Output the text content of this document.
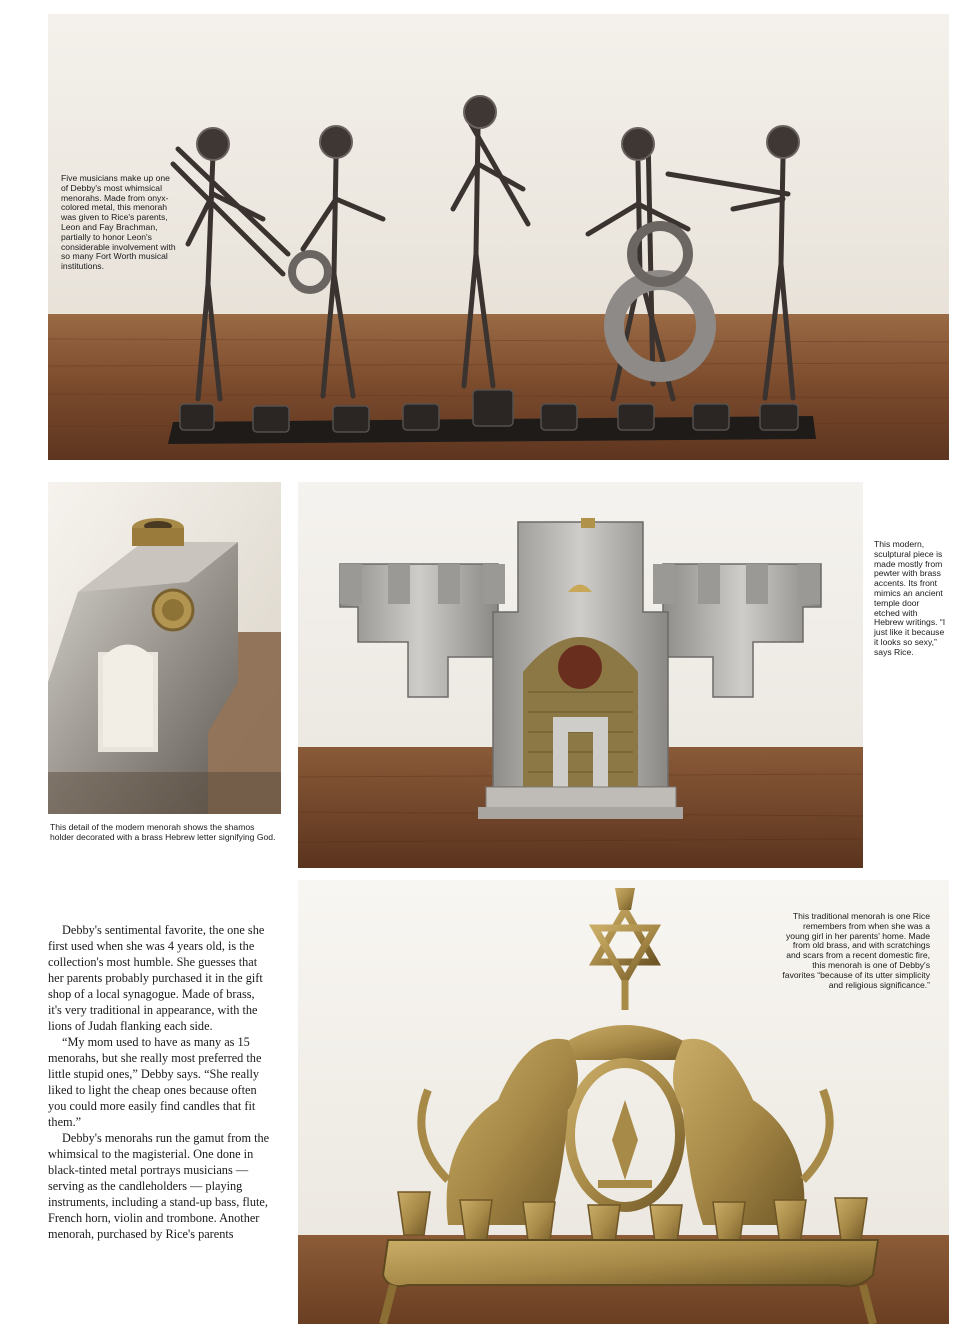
Five musicians make up one of Debby's most whimsical menorahs. Made from onyx-colored metal, this menorah was given to Rice's parents, Leon and Fay Brachman, partially to honor Leon's considerable involvement with so many Fort Worth musical institutions.
This detail of the modern menorah shows the shamos holder decorated with a brass Hebrew letter signifying God.
This modern, sculptural piece is made mostly from pewter with brass accents. Its front mimics an ancient temple door etched with Hebrew writings. “I just like it because it looks so sexy,” says Rice.
This traditional menorah is one Rice remembers from when she was a young girl in her parents' home. Made from old brass, and with scratchings and scars from a recent domestic fire, this menorah is one of Debby's favorites “because of its utter simplicity and religious significance.”

Debby's sentimental favorite, the one she first used when she was 4 years old, is the collection's most humble. She guesses that her parents probably purchased it in the gift shop of a local synagogue. Made of brass, it's very traditional in appearance, with the lions of Judah flanking each side.

“My mom used to have as many as 15 menorahs, but she really most preferred the little stupid ones,” Debby says. “She really liked to light the cheap ones because often you could more easily find candles that fit them.”

Debby's menorahs run the gamut from the whimsical to the magisterial. One done in black-tinted metal portrays musicians — serving as the candleholders — playing instruments, including a stand-up bass, flute, French horn, violin and trombone. Another menorah, purchased by Rice's parents
